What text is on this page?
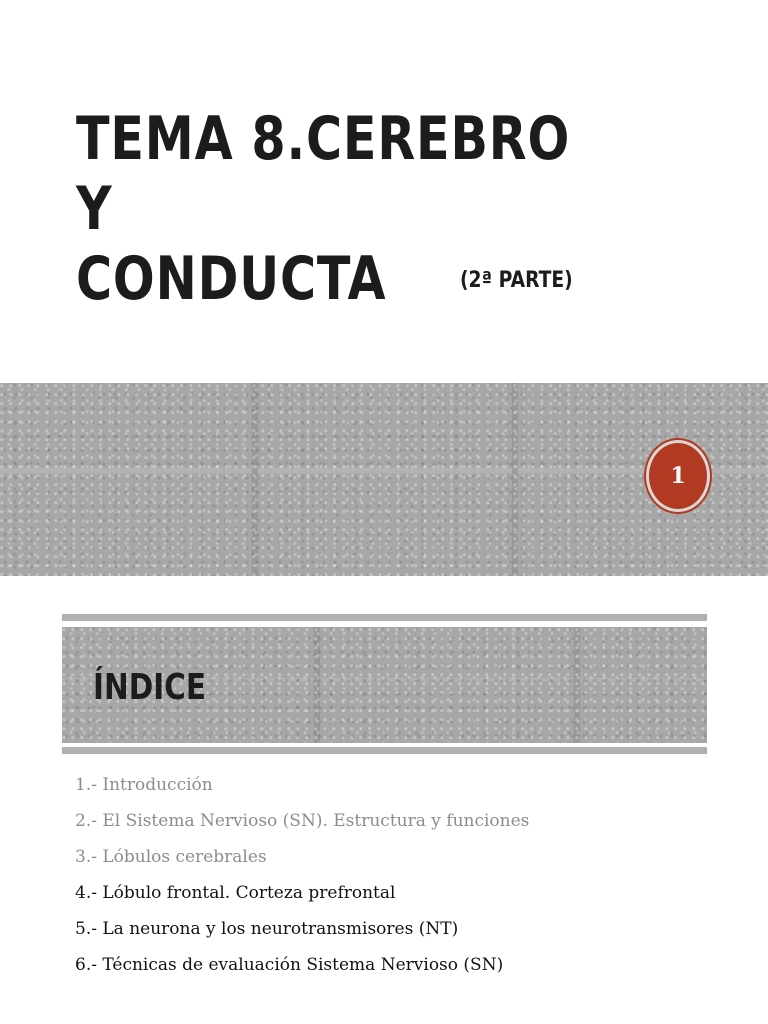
TEMA 8.CEREBRO Y
CONDUCTA	(2ª PARTE)

1
ÍNDICE
1.- Introducción
2.- El Sistema Nervioso (SN). Estructura y funciones
3.- Lóbulos cerebrales
4.- Lóbulo frontal. Corteza prefrontal
5.- La neurona y los neurotransmisores (NT)
6.- Técnicas de evaluación Sistema Nervioso (SN)
